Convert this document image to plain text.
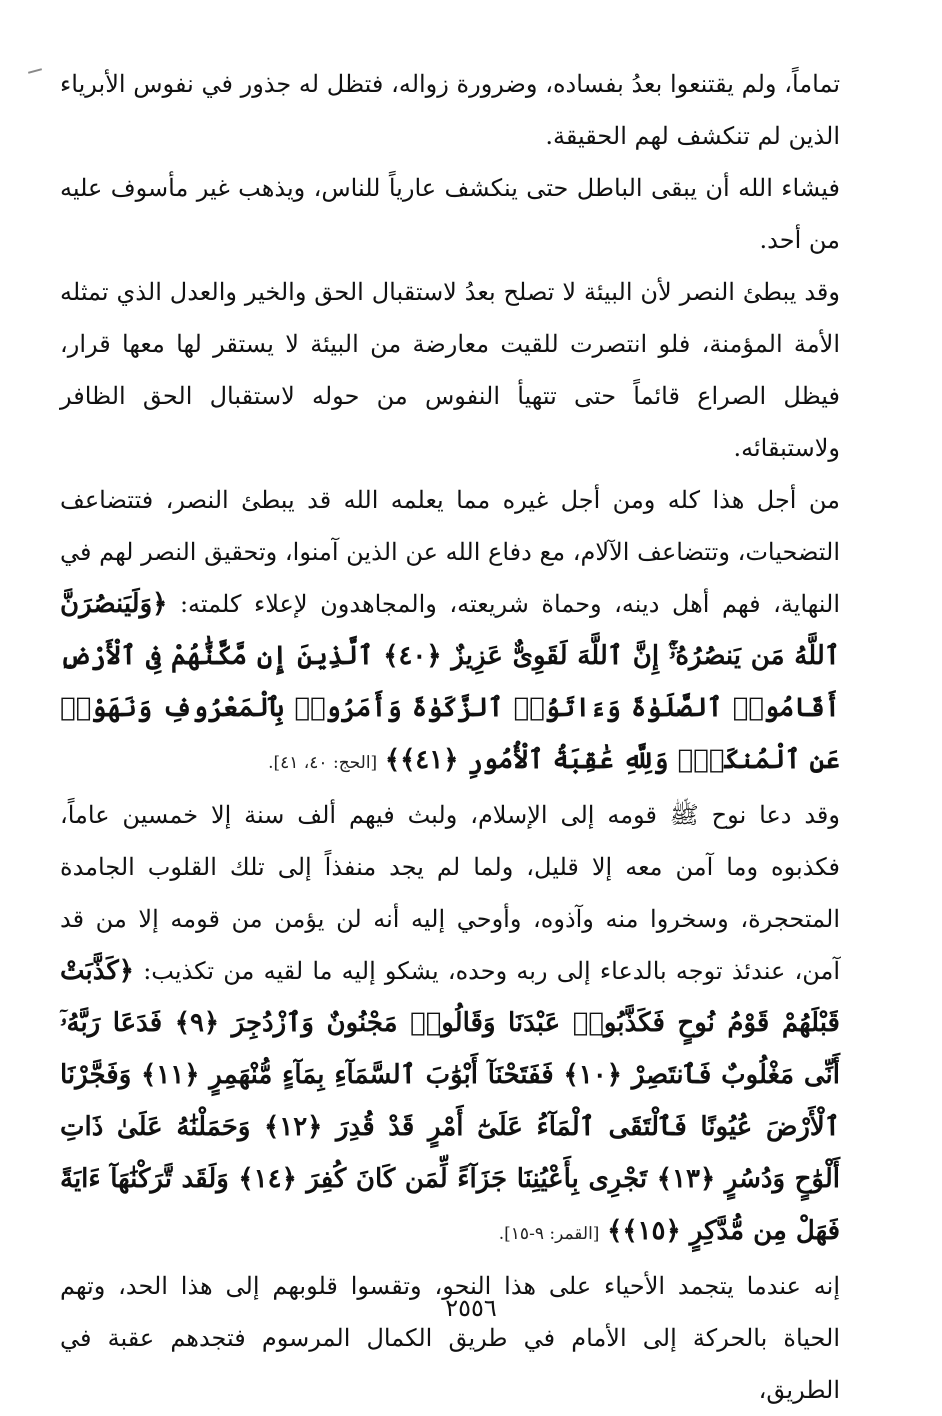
تماماً، ولم يقتنعوا بعدُ بفساده، وضرورة زواله، فتظل له جذور في نفوس الأبرياء الذين لم تنكشف لهم الحقيقة.

فيشاء الله أن يبقى الباطل حتى ينكشف عارياً للناس، ويذهب غير مأسوف عليه من أحد.

وقد يبطئ النصر لأن البيئة لا تصلح بعدُ لاستقبال الحق والخير والعدل الذي تمثله الأمة المؤمنة، فلو انتصرت للقيت معارضة من البيئة لا يستقر لها معها قرار، فيظل الصراع قائماً حتى تتهيأ النفوس من حوله لاستقبال الحق الظافر ولاستبقائه.

من أجل هذا كله ومن أجل غيره مما يعلمه الله قد يبطئ النصر، فتتضاعف التضحيات، وتتضاعف الآلام، مع دفاع الله عن الذين آمنوا، وتحقيق النصر لهم في النهاية، فهم أهل دينه، وحماة شريعته، والمجاهدون لإعلاء كلمته: ﴿وَلَيَنصُرَنَّ ٱللَّهُ مَن يَنصُرُهُۥٓۚ إِنَّ ٱللَّهَ لَقَوِىٌّ عَزِيزٌ ﴿٤٠﴾ ٱلَّذِينَ إِن مَّكَّنَّٰهُمْ فِى ٱلْأَرْضِ أَقَامُوا۟ ٱلصَّلَوٰةَ وَءَاتَوُا۟ ٱلزَّكَوٰةَ وَأَمَرُوا۟ بِٱلْمَعْرُوفِ وَنَهَوْا۟ عَنِ ٱلْمُنكَرِۗ وَلِلَّهِ عَٰقِبَةُ ٱلْأُمُورِ ﴿٤١﴾﴾ [الحج: ٤٠، ٤١].

وقد دعا نوح ﷺ قومه إلى الإسلام، ولبث فيهم ألف سنة إلا خمسين عاماً، فكذبوه وما آمن معه إلا قليل، ولما لم يجد منفذاً إلى تلك القلوب الجامدة المتحجرة، وسخروا منه وآذوه، وأوحي إليه أنه لن يؤمن من قومه إلا من قد آمن، عندئذ توجه بالدعاء إلى ربه وحده، يشكو إليه ما لقيه من تكذيب: ﴿كَذَّبَتْ قَبْلَهُمْ قَوْمُ نُوحٍ فَكَذَّبُوا۟ عَبْدَنَا وَقَالُوا۟ مَجْنُونٌ وَٱزْدُجِرَ ﴿٩﴾ فَدَعَا رَبَّهُۥٓ أَنِّى مَغْلُوبٌ فَٱنتَصِرْ ﴿١٠﴾ فَفَتَحْنَآ أَبْوَٰبَ ٱلسَّمَآءِ بِمَآءٍ مُّنْهَمِرٍ ﴿١١﴾ وَفَجَّرْنَا ٱلْأَرْضَ عُيُونًا فَٱلْتَقَى ٱلْمَآءُ عَلَىٰٓ أَمْرٍ قَدْ قُدِرَ ﴿١٢﴾ وَحَمَلْنَٰهُ عَلَىٰ ذَاتِ أَلْوَٰحٍ وَدُسُرٍ ﴿١٣﴾ تَجْرِى بِأَعْيُنِنَا جَزَآءً لِّمَن كَانَ كُفِرَ ﴿١٤﴾ وَلَقَد تَّرَكْنَٰهَآ ءَايَةً فَهَلْ مِن مُّدَّكِرٍ ﴿١٥﴾﴾ [القمر: ٩-١٥].

إنه عندما يتجمد الأحياء على هذا النحو، وتقسوا قلوبهم إلى هذا الحد، وتهم الحياة بالحركة إلى الأمام في طريق الكمال المرسوم فتجدهم عقبة في الطريق،

٢٥٥٦
